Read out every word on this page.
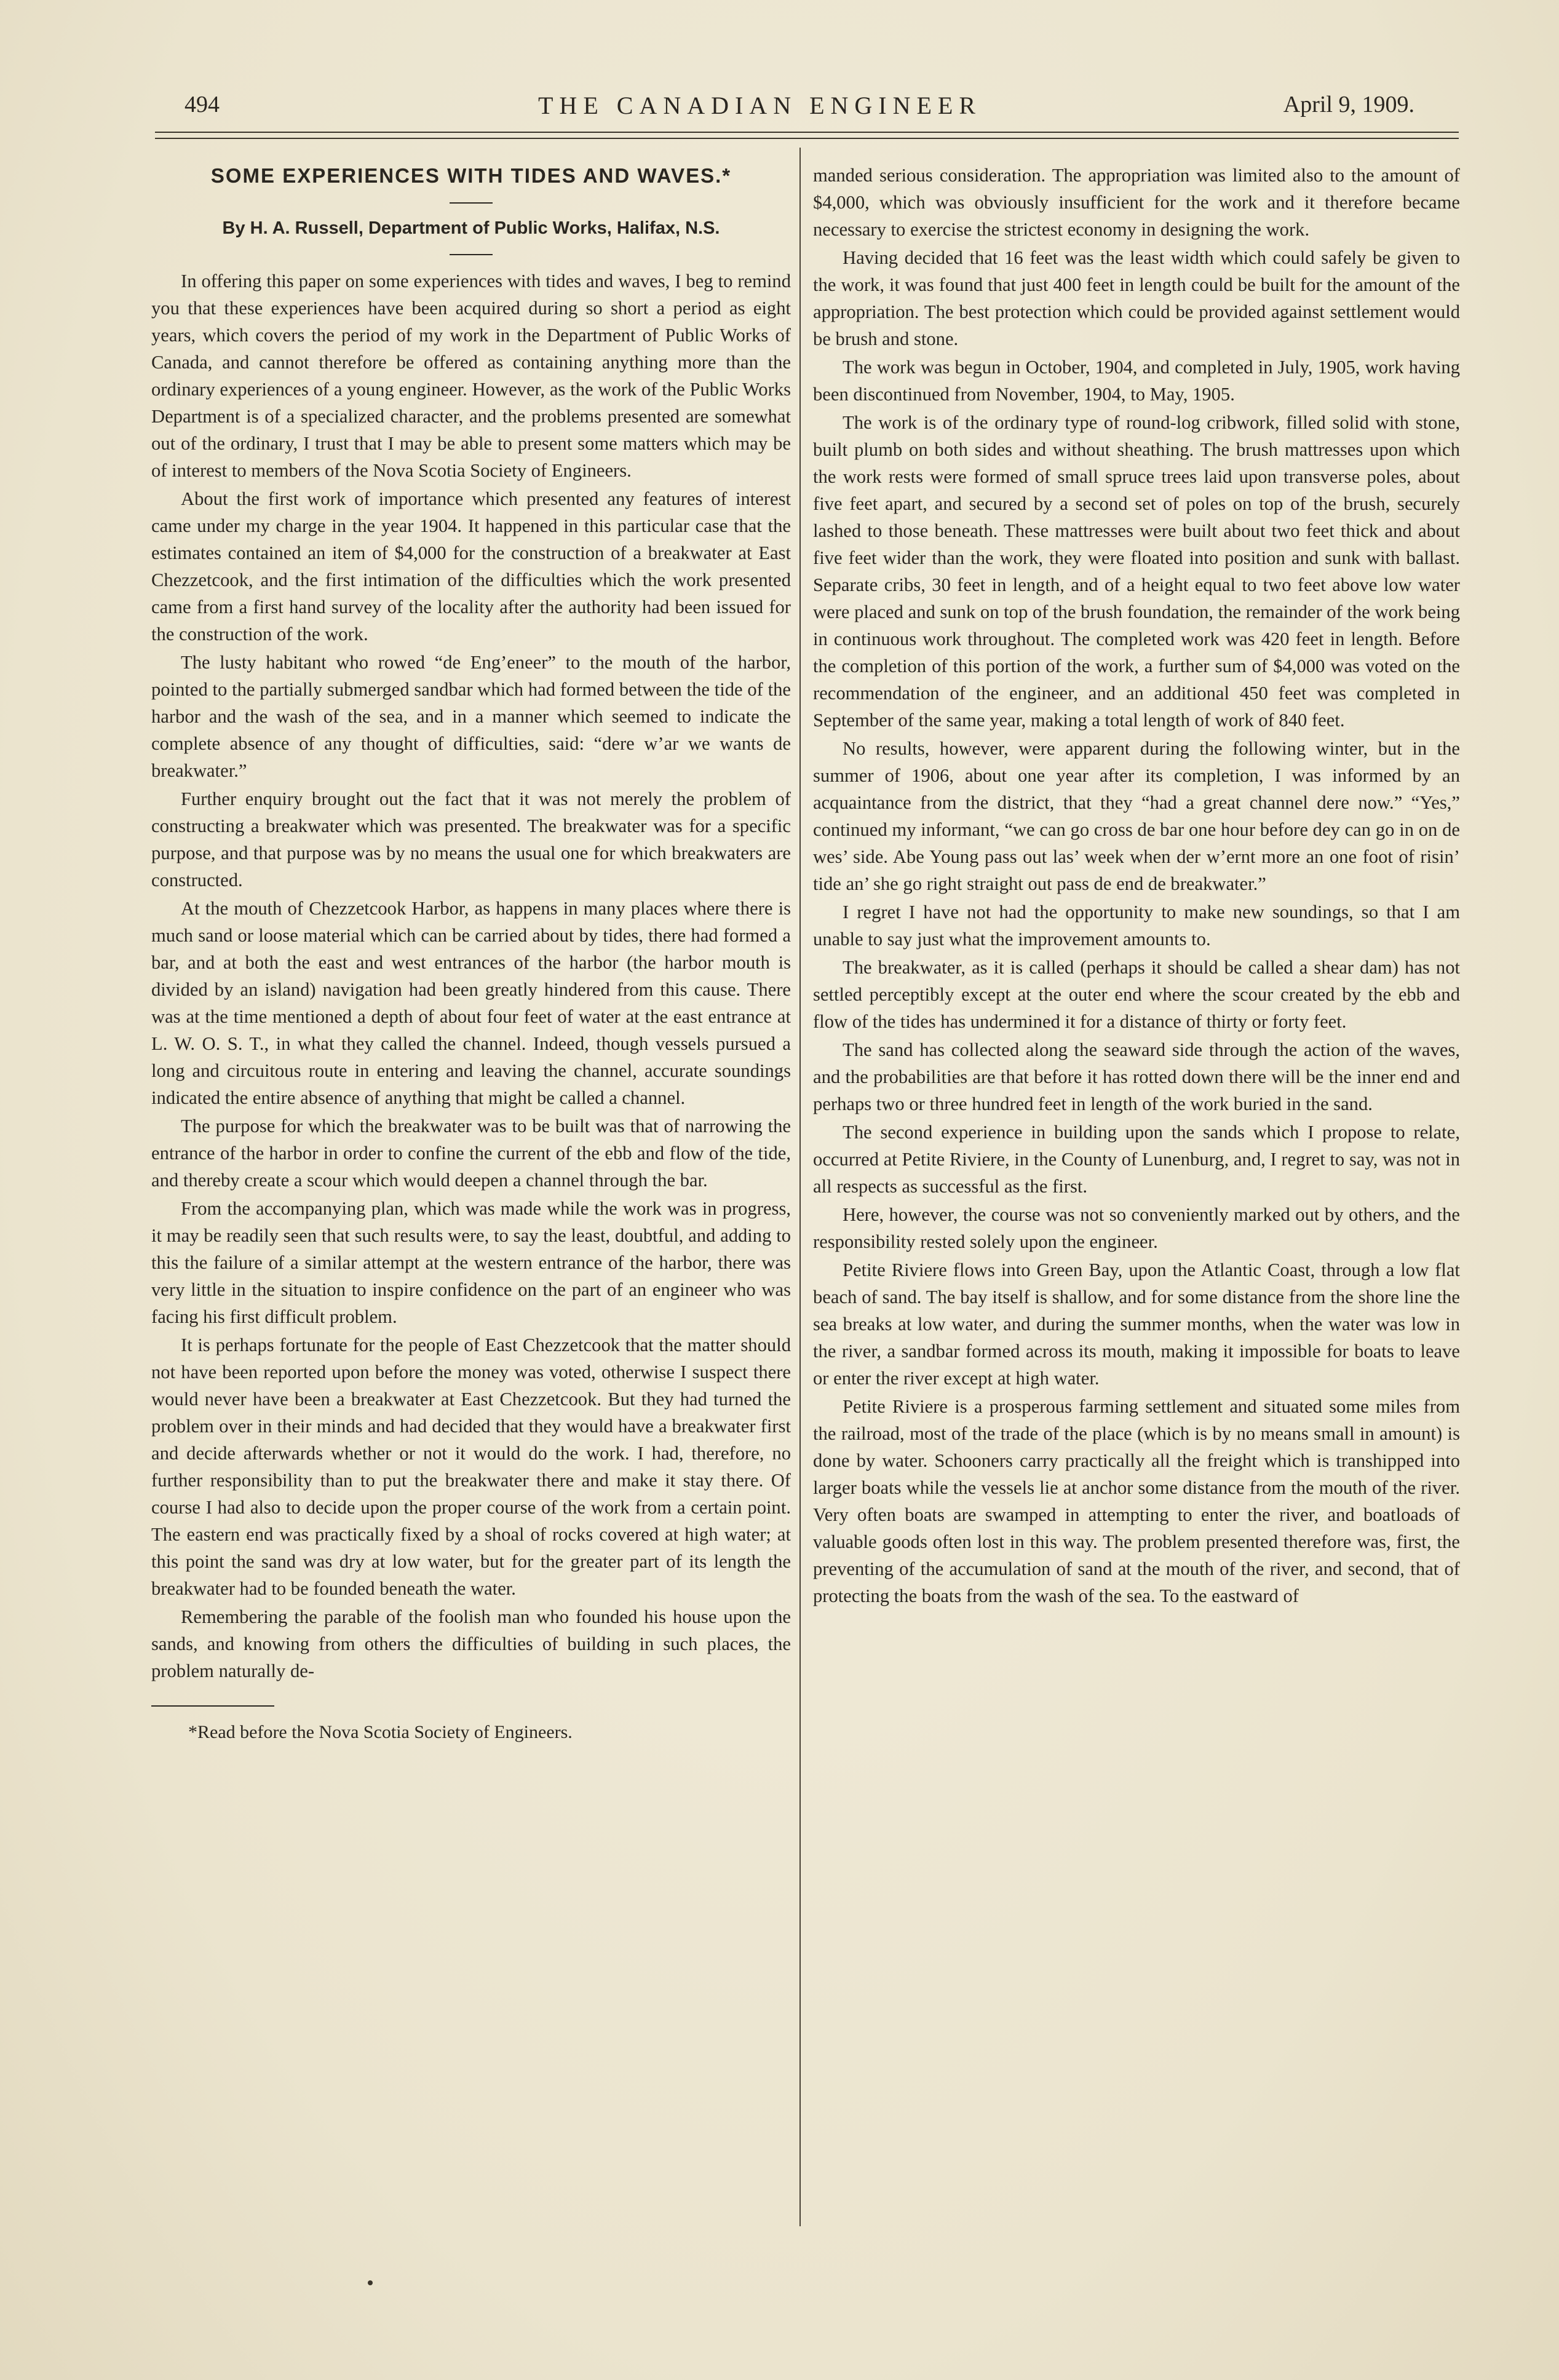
494	THE CANADIAN ENGINEER	April 9, 1909.
SOME EXPERIENCES WITH TIDES AND WAVES.*
By H. A. Russell, Department of Public Works, Halifax, N.S.

In offering this paper on some experiences with tides and waves, I beg to remind you that these experiences have been acquired during so short a period as eight years, which covers the period of my work in the Department of Public Works of Canada, and cannot therefore be offered as containing anything more than the ordinary experiences of a young engineer. However, as the work of the Public Works Department is of a specialized character, and the problems presented are somewhat out of the ordinary, I trust that I may be able to present some matters which may be of interest to members of the Nova Scotia Society of Engineers.

About the first work of importance which presented any features of interest came under my charge in the year 1904. It happened in this particular case that the estimates contained an item of $4,000 for the construction of a breakwater at East Chezzetcook, and the first intimation of the difficulties which the work presented came from a first hand survey of the locality after the authority had been issued for the construction of the work.

The lusty habitant who rowed “de Eng’eneer” to the mouth of the harbor, pointed to the partially submerged sandbar which had formed between the tide of the harbor and the wash of the sea, and in a manner which seemed to indicate the complete absence of any thought of difficulties, said: “dere w’ar we wants de breakwater.”

Further enquiry brought out the fact that it was not merely the problem of constructing a breakwater which was presented. The breakwater was for a specific purpose, and that purpose was by no means the usual one for which breakwaters are constructed.

At the mouth of Chezzetcook Harbor, as happens in many places where there is much sand or loose material which can be carried about by tides, there had formed a bar, and at both the east and west entrances of the harbor (the harbor mouth is divided by an island) navigation had been greatly hindered from this cause. There was at the time mentioned a depth of about four feet of water at the east entrance at L. W. O. S. T., in what they called the channel. Indeed, though vessels pursued a long and circuitous route in entering and leaving the channel, accurate soundings indicated the entire absence of anything that might be called a channel.

The purpose for which the breakwater was to be built was that of narrowing the entrance of the harbor in order to confine the current of the ebb and flow of the tide, and thereby create a scour which would deepen a channel through the bar.

From the accompanying plan, which was made while the work was in progress, it may be readily seen that such results were, to say the least, doubtful, and adding to this the failure of a similar attempt at the western entrance of the harbor, there was very little in the situation to inspire confidence on the part of an engineer who was facing his first difficult problem.

It is perhaps fortunate for the people of East Chezzetcook that the matter should not have been reported upon before the money was voted, otherwise I suspect there would never have been a breakwater at East Chezzetcook. But they had turned the problem over in their minds and had decided that they would have a breakwater first and decide afterwards whether or not it would do the work. I had, therefore, no further responsibility than to put the breakwater there and make it stay there. Of course I had also to decide upon the proper course of the work from a certain point. The eastern end was practically fixed by a shoal of rocks covered at high water; at this point the sand was dry at low water, but for the greater part of its length the breakwater had to be founded beneath the water.

Remembering the parable of the foolish man who founded his house upon the sands, and knowing from others the difficulties of building in such places, the problem naturally de-

*Read before the Nova Scotia Society of Engineers.

manded serious consideration. The appropriation was limited also to the amount of $4,000, which was obviously insufficient for the work and it therefore became necessary to exercise the strictest economy in designing the work.

Having decided that 16 feet was the least width which could safely be given to the work, it was found that just 400 feet in length could be built for the amount of the appropriation. The best protection which could be provided against settlement would be brush and stone.

The work was begun in October, 1904, and completed in July, 1905, work having been discontinued from November, 1904, to May, 1905.

The work is of the ordinary type of round-log cribwork, filled solid with stone, built plumb on both sides and without sheathing. The brush mattresses upon which the work rests were formed of small spruce trees laid upon transverse poles, about five feet apart, and secured by a second set of poles on top of the brush, securely lashed to those beneath. These mattresses were built about two feet thick and about five feet wider than the work, they were floated into position and sunk with ballast. Separate cribs, 30 feet in length, and of a height equal to two feet above low water were placed and sunk on top of the brush foundation, the remainder of the work being in continuous work throughout. The completed work was 420 feet in length. Before the completion of this portion of the work, a further sum of $4,000 was voted on the recommendation of the engineer, and an additional 450 feet was completed in September of the same year, making a total length of work of 840 feet.

No results, however, were apparent during the following winter, but in the summer of 1906, about one year after its completion, I was informed by an acquaintance from the district, that they “had a great channel dere now.” “Yes,” continued my informant, “we can go cross de bar one hour before dey can go in on de wes’ side. Abe Young pass out las’ week when der w’ernt more an one foot of risin’ tide an’ she go right straight out pass de end de breakwater.”

I regret I have not had the opportunity to make new soundings, so that I am unable to say just what the improvement amounts to.

The breakwater, as it is called (perhaps it should be called a shear dam) has not settled perceptibly except at the outer end where the scour created by the ebb and flow of the tides has undermined it for a distance of thirty or forty feet.

The sand has collected along the seaward side through the action of the waves, and the probabilities are that before it has rotted down there will be the inner end and perhaps two or three hundred feet in length of the work buried in the sand.

The second experience in building upon the sands which I propose to relate, occurred at Petite Riviere, in the County of Lunenburg, and, I regret to say, was not in all respects as successful as the first.

Here, however, the course was not so conveniently marked out by others, and the responsibility rested solely upon the engineer.

Petite Riviere flows into Green Bay, upon the Atlantic Coast, through a low flat beach of sand. The bay itself is shallow, and for some distance from the shore line the sea breaks at low water, and during the summer months, when the water was low in the river, a sandbar formed across its mouth, making it impossible for boats to leave or enter the river except at high water.

Petite Riviere is a prosperous farming settlement and situated some miles from the railroad, most of the trade of the place (which is by no means small in amount) is done by water. Schooners carry practically all the freight which is transhipped into larger boats while the vessels lie at anchor some distance from the mouth of the river. Very often boats are swamped in attempting to enter the river, and boatloads of valuable goods often lost in this way. The problem presented therefore was, first, the preventing of the accumulation of sand at the mouth of the river, and second, that of protecting the boats from the wash of the sea. To the eastward of
